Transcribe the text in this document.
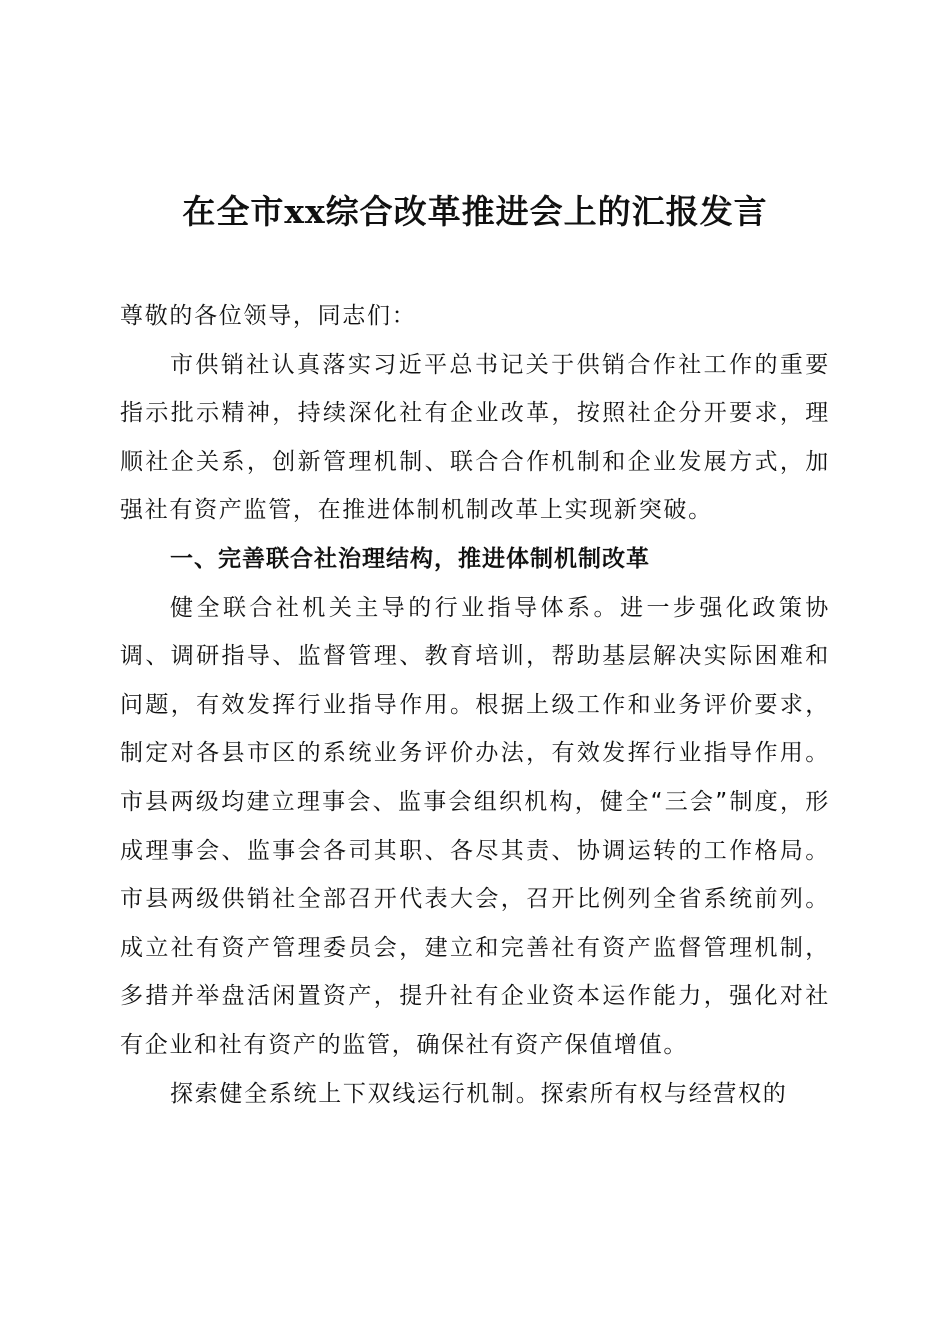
在全市xx综合改革推进会上的汇报发言

尊敬的各位领导，同志们：

市供销社认真落实习近平总书记关于供销合作社工作的重要指示批示精神，持续深化社有企业改革，按照社企分开要求，理顺社企关系，创新管理机制、联合合作机制和企业发展方式，加强社有资产监管，在推进体制机制改革上实现新突破。

一、完善联合社治理结构，推进体制机制改革

健全联合社机关主导的行业指导体系。进一步强化政策协调、调研指导、监督管理、教育培训，帮助基层解决实际困难和问题，有效发挥行业指导作用。根据上级工作和业务评价要求，制定对各县市区的系统业务评价办法，有效发挥行业指导作用。市县两级均建立理事会、监事会组织机构，健全“三会”制度，形成理事会、监事会各司其职、各尽其责、协调运转的工作格局。市县两级供销社全部召开代表大会，召开比例列全省系统前列。成立社有资产管理委员会，建立和完善社有资产监督管理机制，多措并举盘活闲置资产，提升社有企业资本运作能力，强化对社有企业和社有资产的监管，确保社有资产保值增值。

探索健全系统上下双线运行机制。探索所有权与经营权的
